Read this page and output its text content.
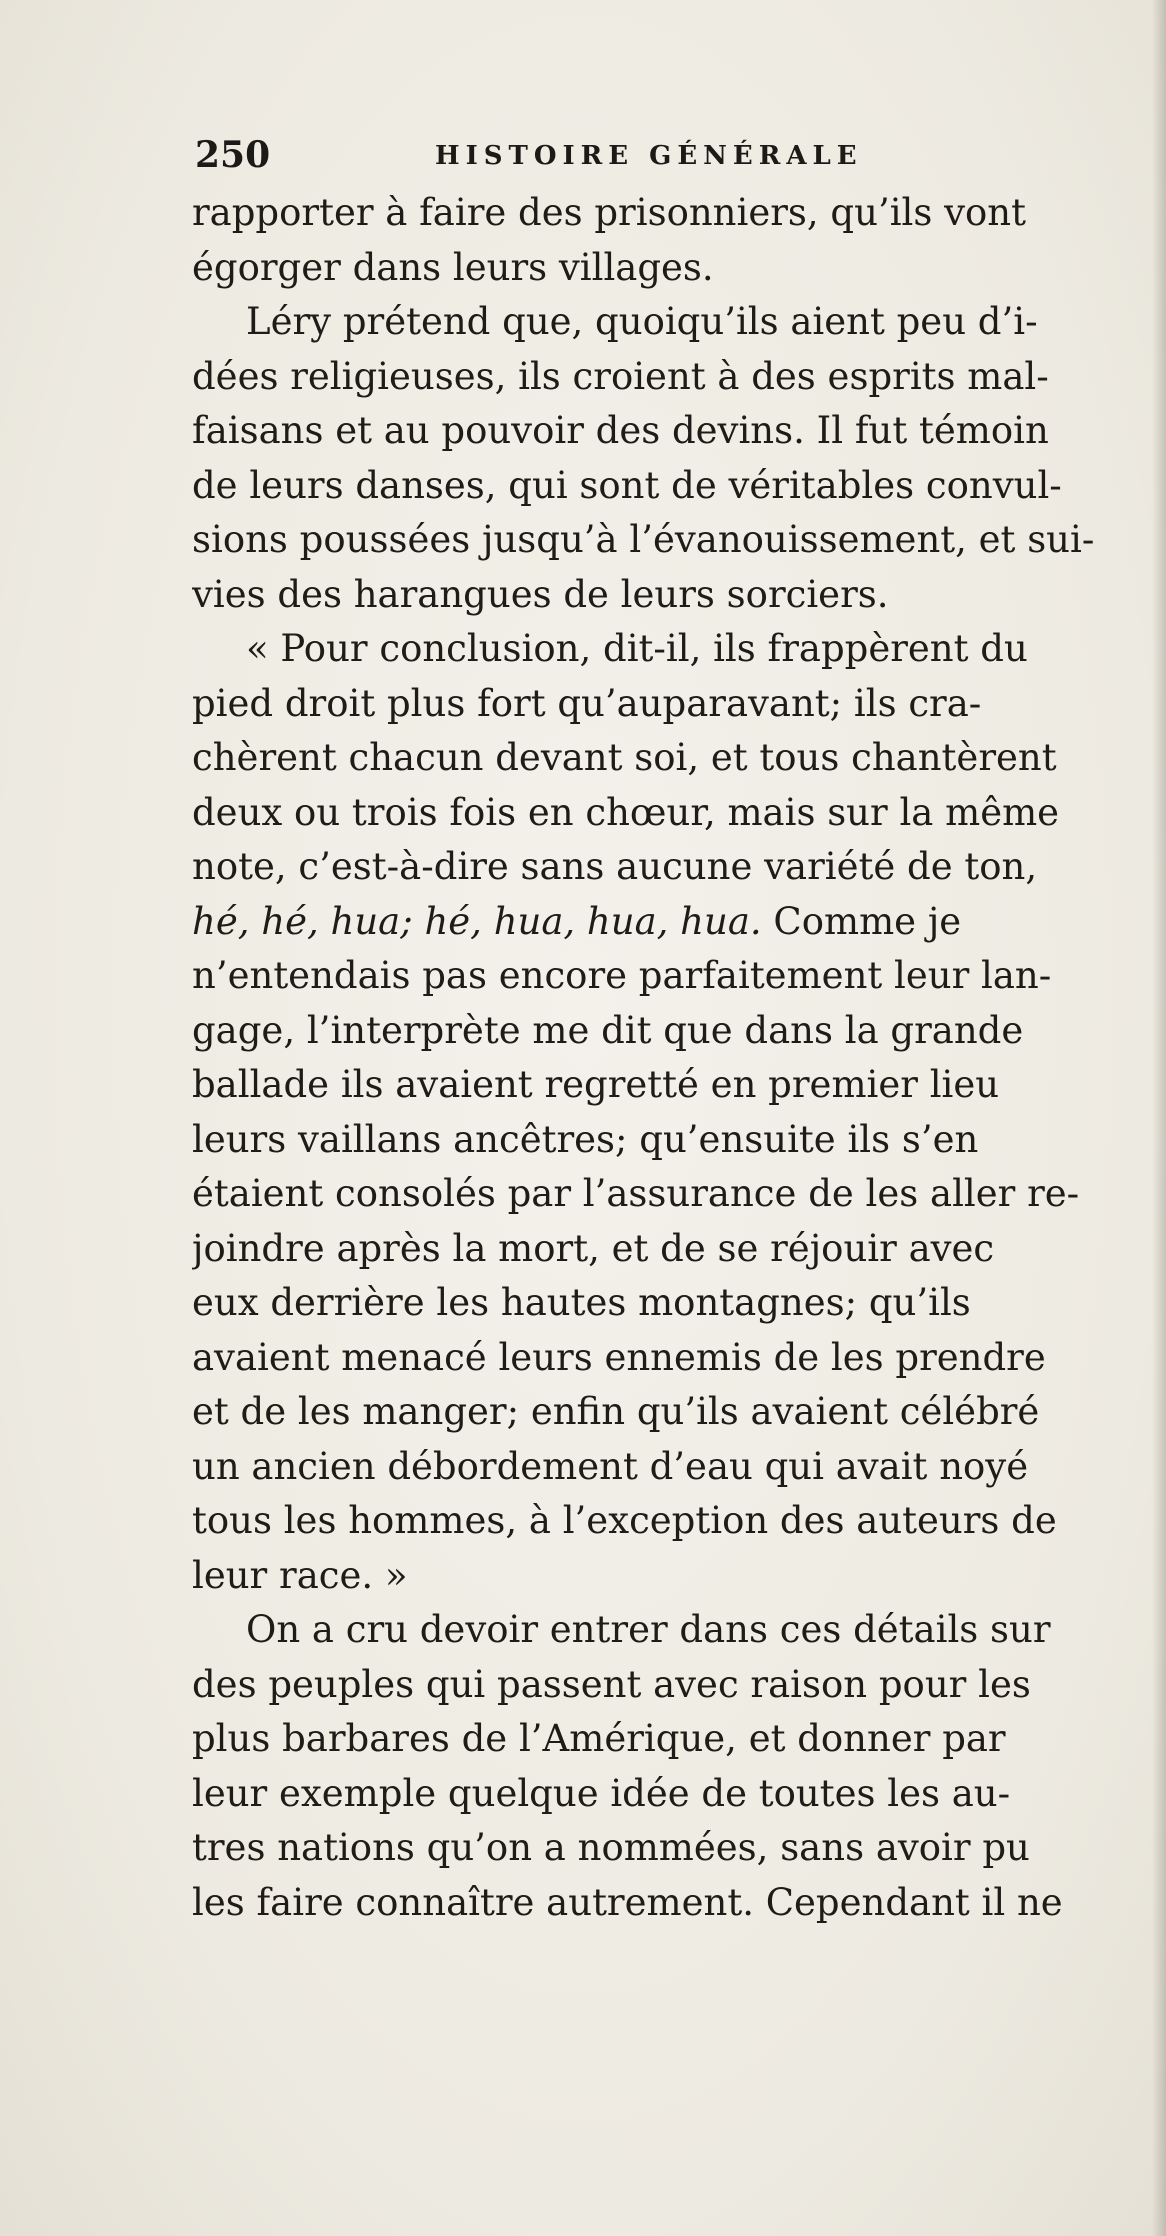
250	HISTOIRE GÉNÉRALE
rapporter à faire des prisonniers, qu’ils vont
égorger dans leurs villages.
Léry prétend que, quoiqu’ils aient peu d’i-
dées religieuses, ils croient à des esprits mal-
faisans et au pouvoir des devins. Il fut témoin
de leurs danses, qui sont de véritables convul-
sions poussées jusqu’à l’évanouissement, et sui-
vies des harangues de leurs sorciers.
« Pour conclusion, dit-il, ils frappèrent du
pied droit plus fort qu’auparavant; ils cra-
chèrent chacun devant soi, et tous chantèrent
deux ou trois fois en chœur, mais sur la même
note, c’est-à-dire sans aucune variété de ton,
hé, hé, hua; hé, hua, hua, hua. Comme je
n’entendais pas encore parfaitement leur lan-
gage, l’interprète me dit que dans la grande
ballade ils avaient regretté en premier lieu
leurs vaillans ancêtres; qu’ensuite ils s’en
étaient consolés par l’assurance de les aller re-
joindre après la mort, et de se réjouir avec
eux derrière les hautes montagnes; qu’ils
avaient menacé leurs ennemis de les prendre
et de les manger; enfin qu’ils avaient célébré
un ancien débordement d’eau qui avait noyé
tous les hommes, à l’exception des auteurs de
leur race. »
On a cru devoir entrer dans ces détails sur
des peuples qui passent avec raison pour les
plus barbares de l’Amérique, et donner par
leur exemple quelque idée de toutes les au-
tres nations qu’on a nommées, sans avoir pu
les faire connaître autrement. Cependant il ne
